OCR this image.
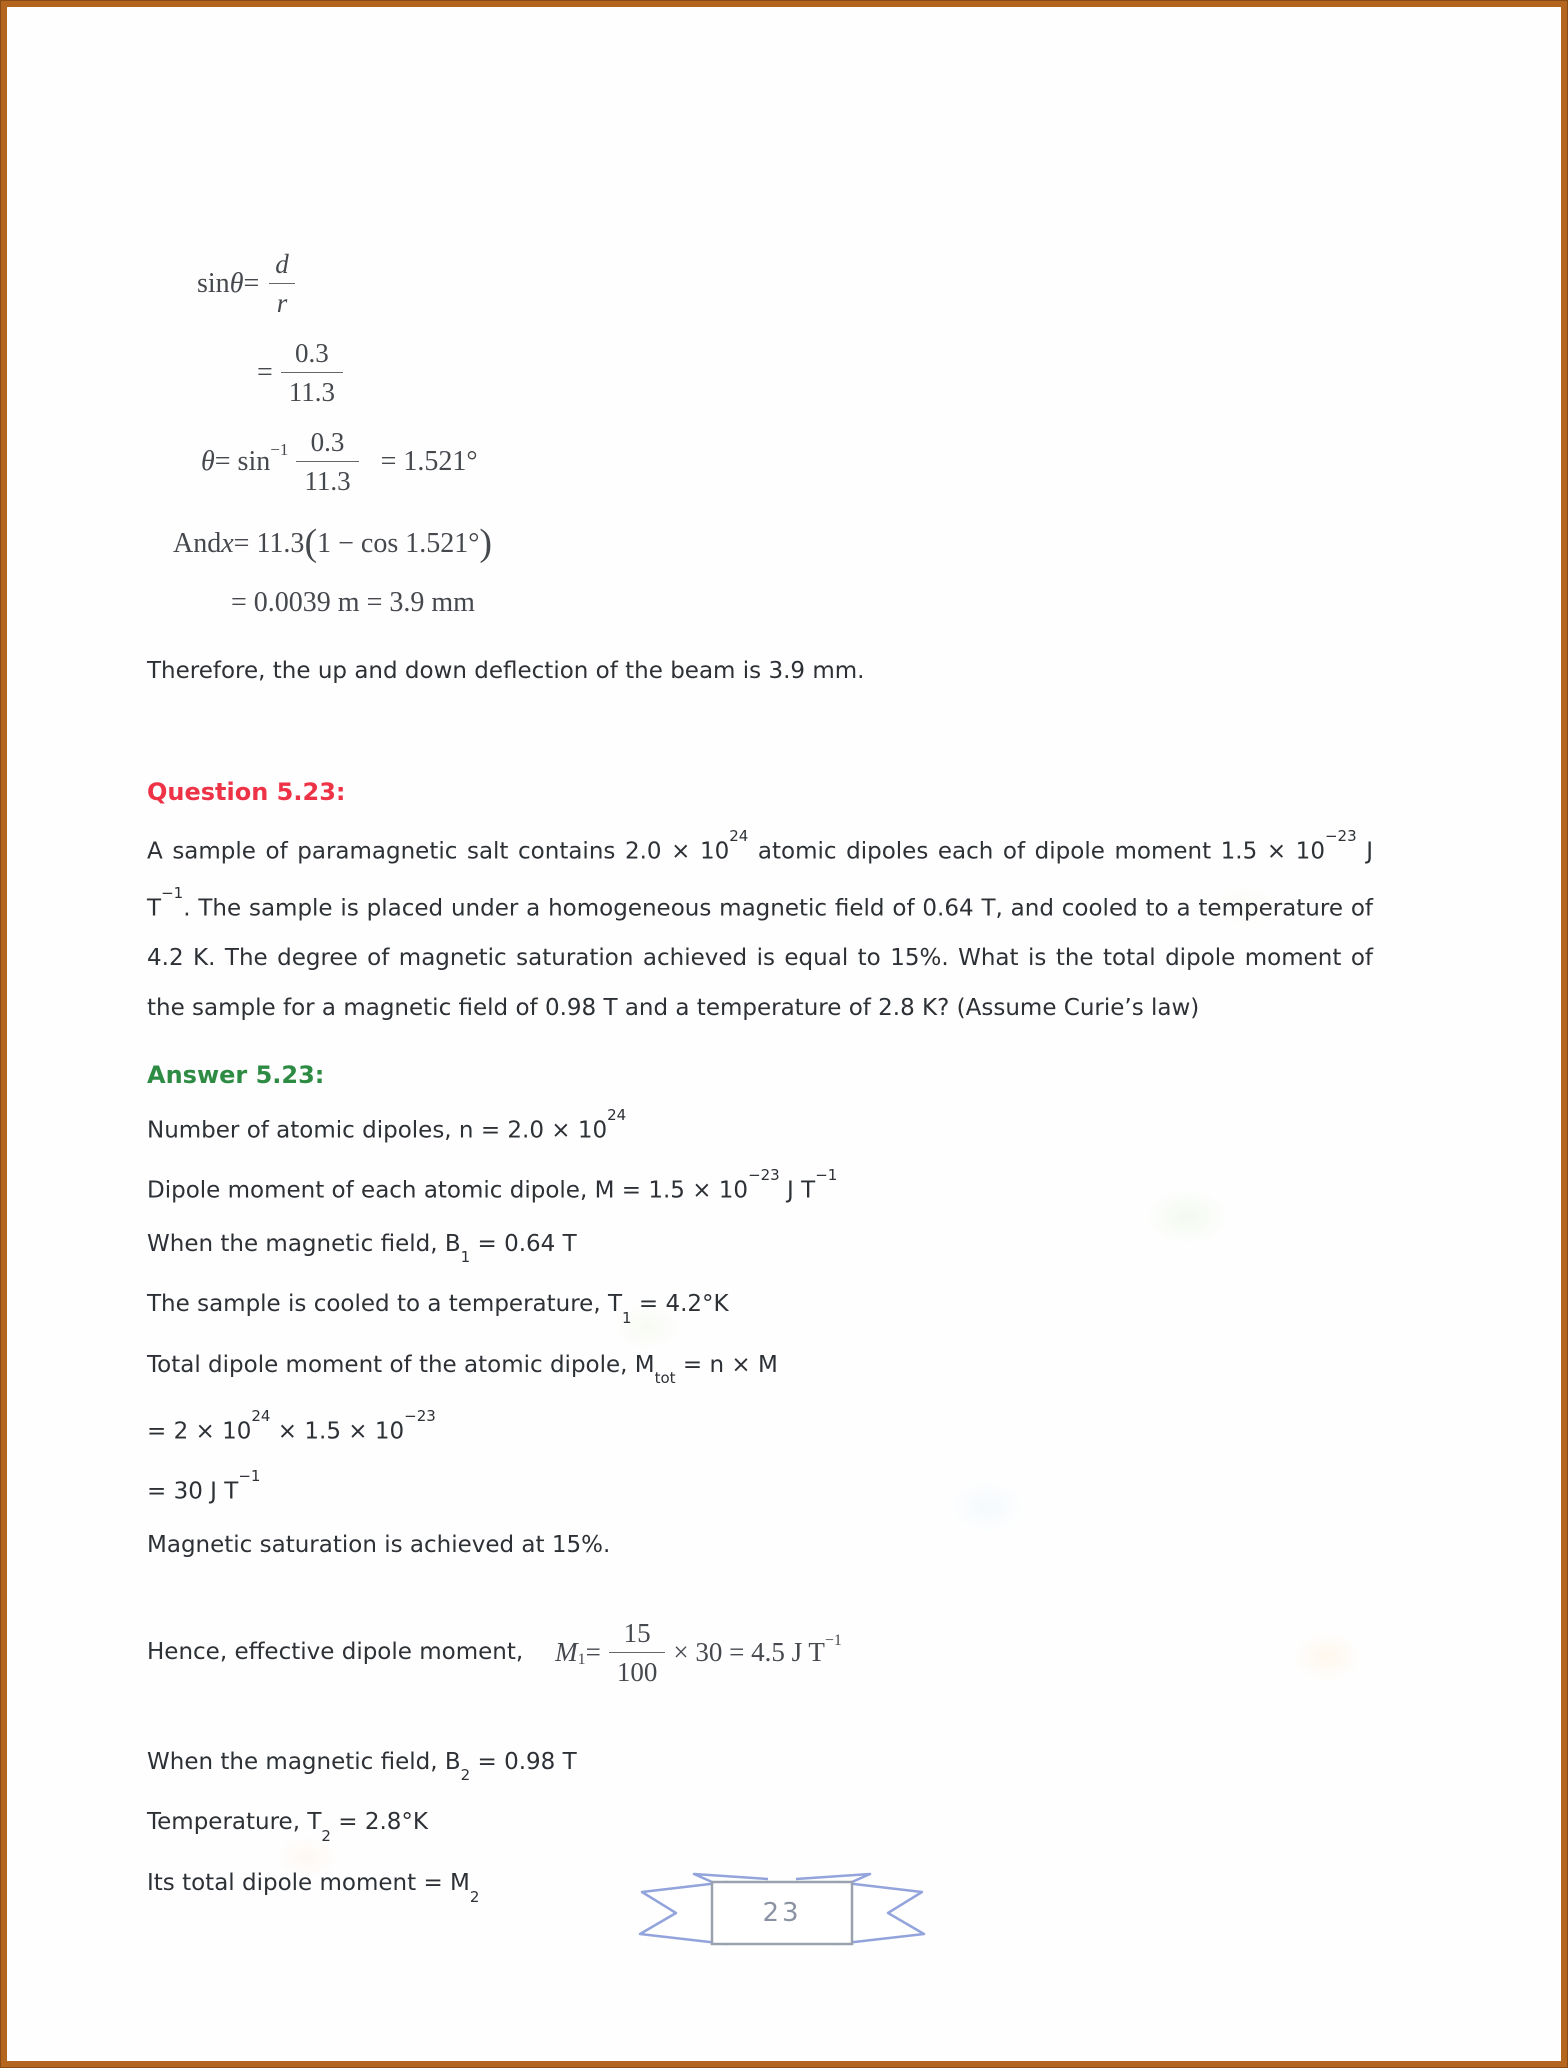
$\sin \theta = \frac{d}{r}$
= $\frac{0.3}{11.3}$
$\theta = \sin^{-1} \frac{0.3}{11.3} = 1.521^\circ$
And x = 11.3 ( 1 − cos 1.521° )
= 0.0039 m = 3.9 mm
Therefore, the up and down deflection of the beam is 3.9 mm.
Question 5.23:
A sample of paramagnetic salt contains $2.0 \times 10^{24}$ atomic dipoles each of dipole moment $1.5 \times 10^{-23}$ J $T^{-1}$. The sample is placed under a homogeneous magnetic field of 0.64 T, and cooled to a temperature of 4.2 K. The degree of magnetic saturation achieved is equal to 15%. What is the total dipole moment of the sample for a magnetic field of 0.98 T and a temperature of 2.8 K? (Assume Curie’s law)
Answer 5.23:
Number of atomic dipoles, $n = 2.0 \times 10^{24}$
Dipole moment of each atomic dipole, $M = 1.5 \times 10^{-23}$ J $T^{-1}$
When the magnetic field, $B_1 = 0.64$ T
The sample is cooled to a temperature, $T_1 = 4.2^\circ K$
Total dipole moment of the atomic dipole, $M_{tot} = n \times M$
= $2 \times 10^{24} \times 1.5 \times 10^{-23}$
= 30 J $T^{-1}$
Magnetic saturation is achieved at 15%.
Hence, effective dipole moment, $M_1 = \frac{15}{100} \times 30 = 4.5$ J $T^{-1}$
When the magnetic field, $B_2 = 0.98$ T
Temperature, $T_2 = 2.8^\circ K$
Its total dipole moment = $M_2$
23
